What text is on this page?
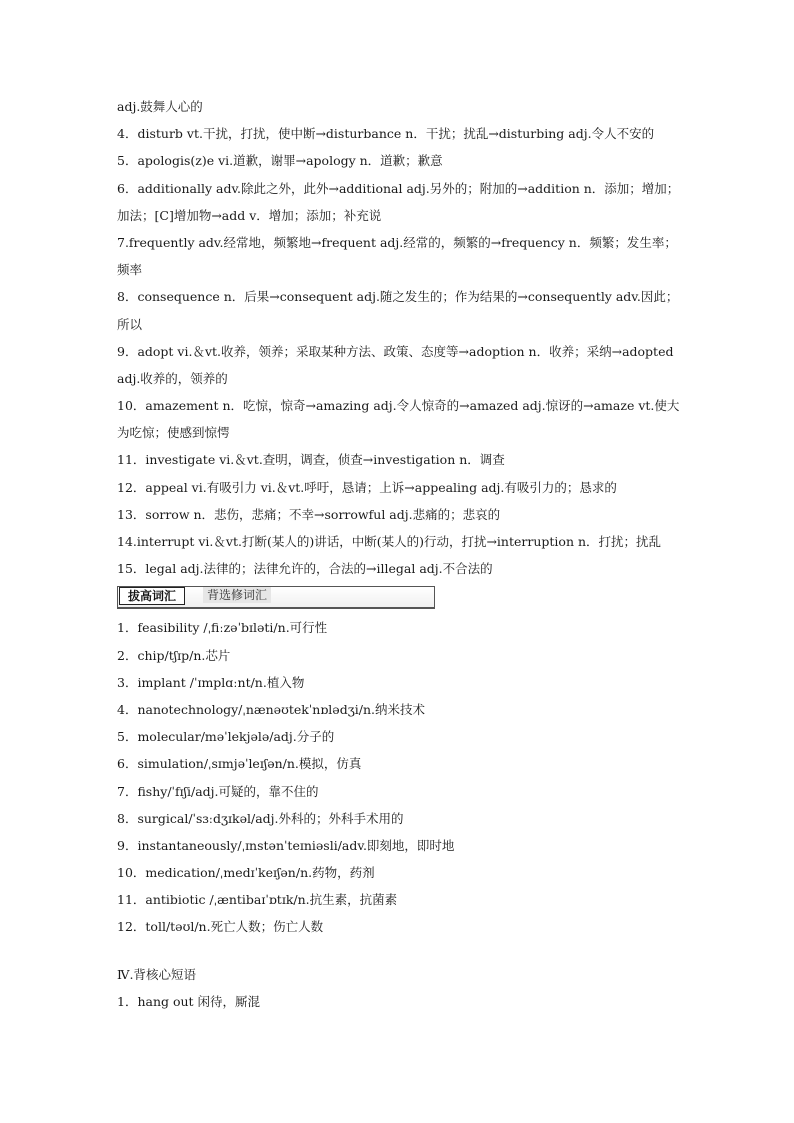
adj.鼓舞人心的
4．disturb vt.干扰，打扰，使中断→disturbance n．干扰；扰乱→disturbing adj.令人不安的
5．apologis(z)e vi.道歉，谢罪→apology n．道歉；歉意
6．additionally adv.除此之外，此外→additional adj.另外的；附加的→addition n．添加；增加；
加法；[C]增加物→add v．增加；添加；补充说
7.frequently adv.经常地，频繁地→frequent adj.经常的，频繁的→frequency n．频繁；发生率；
频率
8．consequence n．后果→consequent adj.随之发生的；作为结果的→consequently adv.因此；
所以
9．adopt vi.＆vt.收养，领养；采取某种方法、政策、态度等→adoption n．收养；采纳→adopted
adj.收养的，领养的
10．amazement n．吃惊，惊奇→amazing adj.令人惊奇的→amazed adj.惊讶的→amaze vt.使大
为吃惊；使感到惊愕
11．investigate vi.＆vt.查明，调查，侦查→investigation n．调查
12．appeal vi.有吸引力 vi.＆vt.呼吁，恳请；上诉→appealing adj.有吸引力的；恳求的
13．sorrow n．悲伤，悲痛；不幸→sorrowful adj.悲痛的；悲哀的
14.interrupt vi.＆vt.打断(某人的)讲话，中断(某人的)行动，打扰→interruption n．打扰；扰乱
15．legal adj.法律的；法律允许的，合法的→illegal adj.不合法的
拔高词汇	背选修词汇
1．feasibility /ˌfiːzəˈbɪləti/n.可行性
2．chip/tʃɪp/n.芯片
3．implant /ˈɪmplɑːnt/n.植入物
4．nanotechnology/ˌnænəʊtekˈnɒlədʒi/n.纳米技术
5．molecular/məˈlekjələ/adj.分子的
6．simulation/ˌsɪmjəˈleɪʃən/n.模拟，仿真
7．fishy/ˈfɪʃi/adj.可疑的，靠不住的
8．surgical/ˈsɜːdʒɪkəl/adj.外科的；外科手术用的
9．instantaneously/ˌɪnstənˈteɪniəsli/adv.即刻地，即时地
10．medication/ˌmedɪˈkeɪʃən/n.药物，药剂
11．antibiotic /ˌæntibaɪˈɒtɪk/n.抗生素，抗菌素
12．toll/təʊl/n.死亡人数；伤亡人数
Ⅳ.背核心短语
1．hang out 闲待，厮混
